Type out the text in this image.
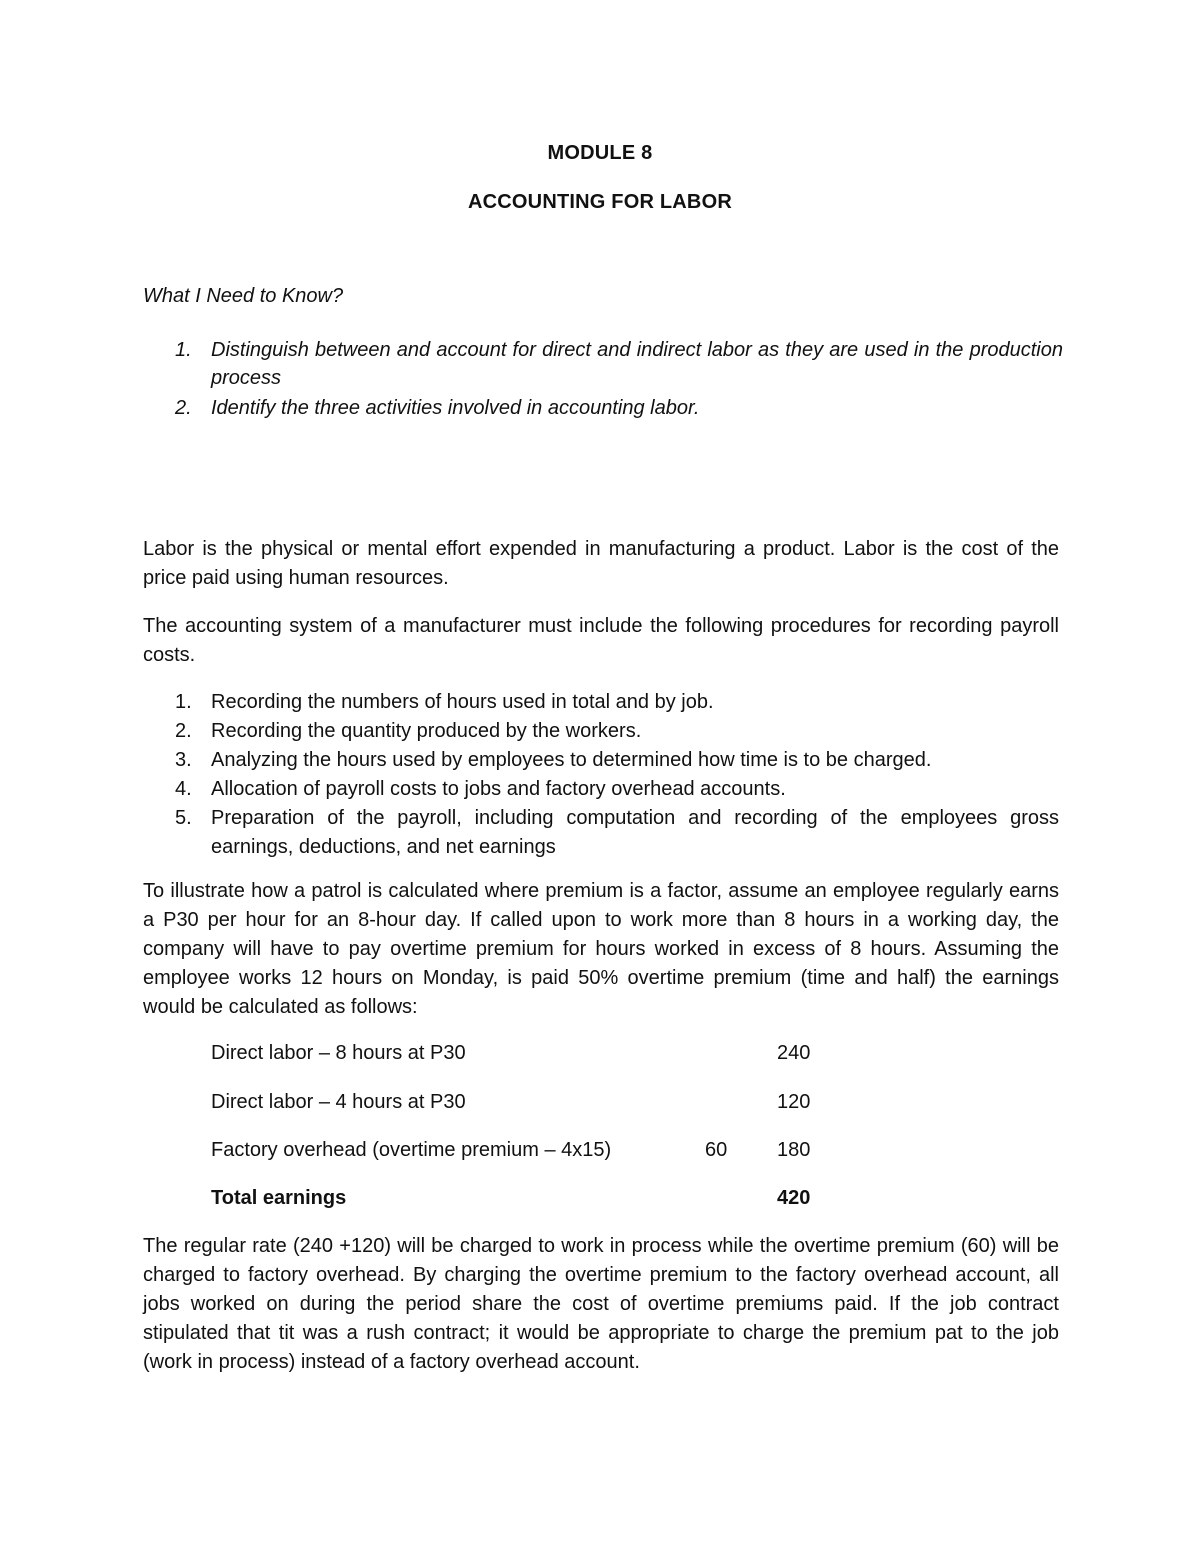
MODULE 8
ACCOUNTING FOR LABOR
What I Need to Know?
1. Distinguish between and account for direct and indirect labor as they are used in the production process
2. Identify the three activities involved in accounting labor.

Labor is the physical or mental effort expended in manufacturing a product. Labor is the cost of the price paid using human resources.

The accounting system of a manufacturer must include the following procedures for recording payroll costs.

1. Recording the numbers of hours used in total and by job.
2. Recording the quantity produced by the workers.
3. Analyzing the hours used by employees to determined how time is to be charged.
4. Allocation of payroll costs to jobs and factory overhead accounts.
5. Preparation of the payroll, including computation and recording of the employees gross earnings, deductions, and net earnings

To illustrate how a patrol is calculated where premium is a factor, assume an employee regularly earns a P30 per hour for an 8-hour day. If called upon to work more than 8 hours in a working day, the company will have to pay overtime premium for hours worked in excess of 8 hours. Assuming the employee works 12 hours on Monday, is paid 50% overtime premium (time and half) the earnings would be calculated as follows:

Direct labor – 8 hours at P30	240
Direct labor – 4 hours at P30	120
Factory overhead (overtime premium – 4x15)	60 180
Total earnings	420

The regular rate (240 +120) will be charged to work in process while the overtime premium (60) will be charged to factory overhead. By charging the overtime premium to the factory overhead account, all jobs worked on during the period share the cost of overtime premiums paid. If the job contract stipulated that tit was a rush contract; it would be appropriate to charge the premium pat to the job (work in process) instead of a factory overhead account.
